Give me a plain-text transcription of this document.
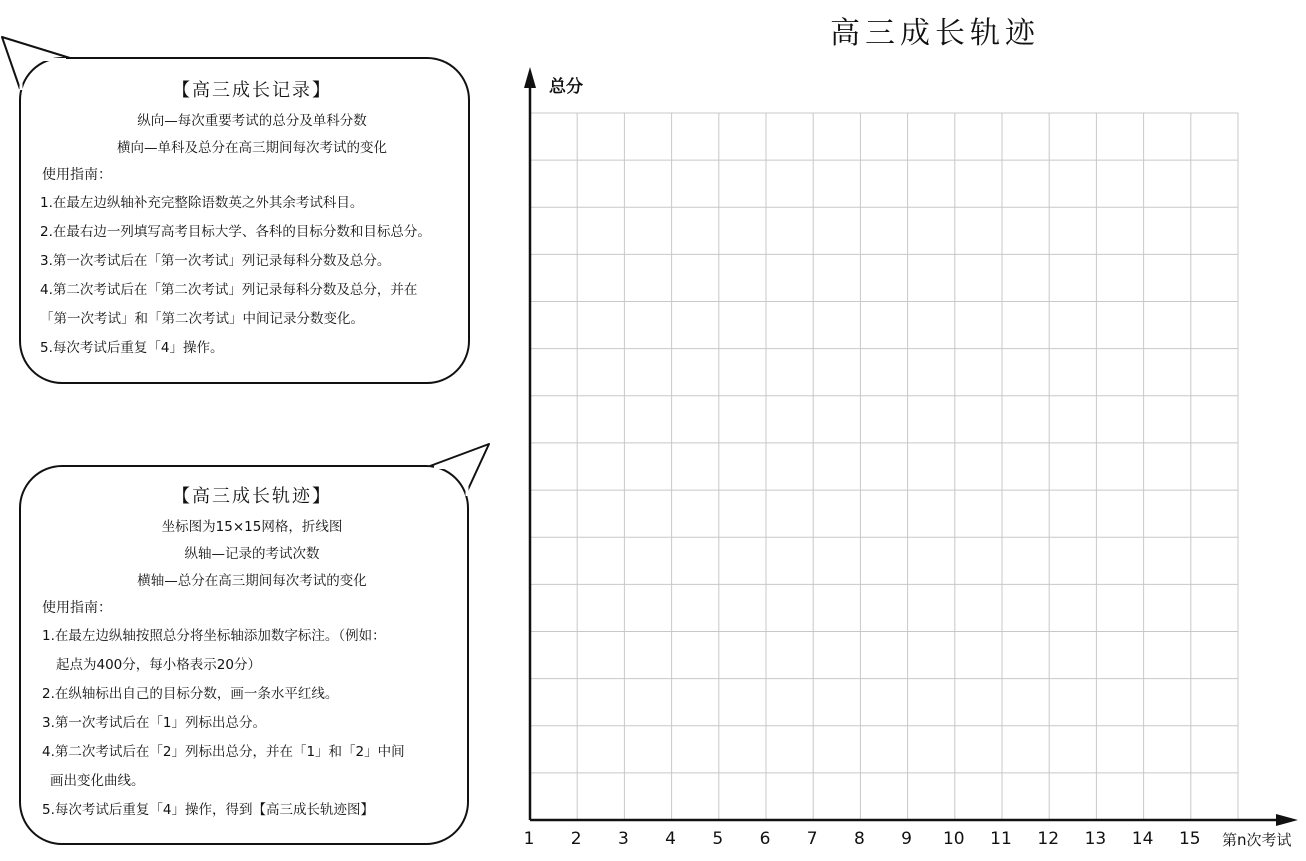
高三成长轨迹
【高三成长记录】
纵向—每次重要考试的总分及单科分数
横向—单科及总分在高三期间每次考试的变化
使用指南：
1.在最左边纵轴补充完整除语数英之外其余考试科目。
2.在最右边一列填写高考目标大学、各科的目标分数和目标总分。
3.第一次考试后在「第一次考试」列记录每科分数及总分。
4.第二次考试后在「第二次考试」列记录每科分数及总分，并在
「第一次考试」和「第二次考试」中间记录分数变化。
5.每次考试后重复「4」操作。
【高三成长轨迹】
坐标图为15×15网格，折线图
纵轴—记录的考试次数
横轴—总分在高三期间每次考试的变化
使用指南：
1.在最左边纵轴按照总分将坐标轴添加数字标注。（例如：
起点为400分，每小格表示20分）
2.在纵轴标出自己的目标分数，画一条水平红线。
3.第一次考试后在「1」列标出总分。
4.第二次考试后在「2」列标出总分，并在「1」和「2」中间
画出变化曲线。
5.每次考试后重复「4」操作，得到【高三成长轨迹图】
1 2 3 4 5 6 7 8 9 10 11 12 13 14 15
总分
第n次考试
